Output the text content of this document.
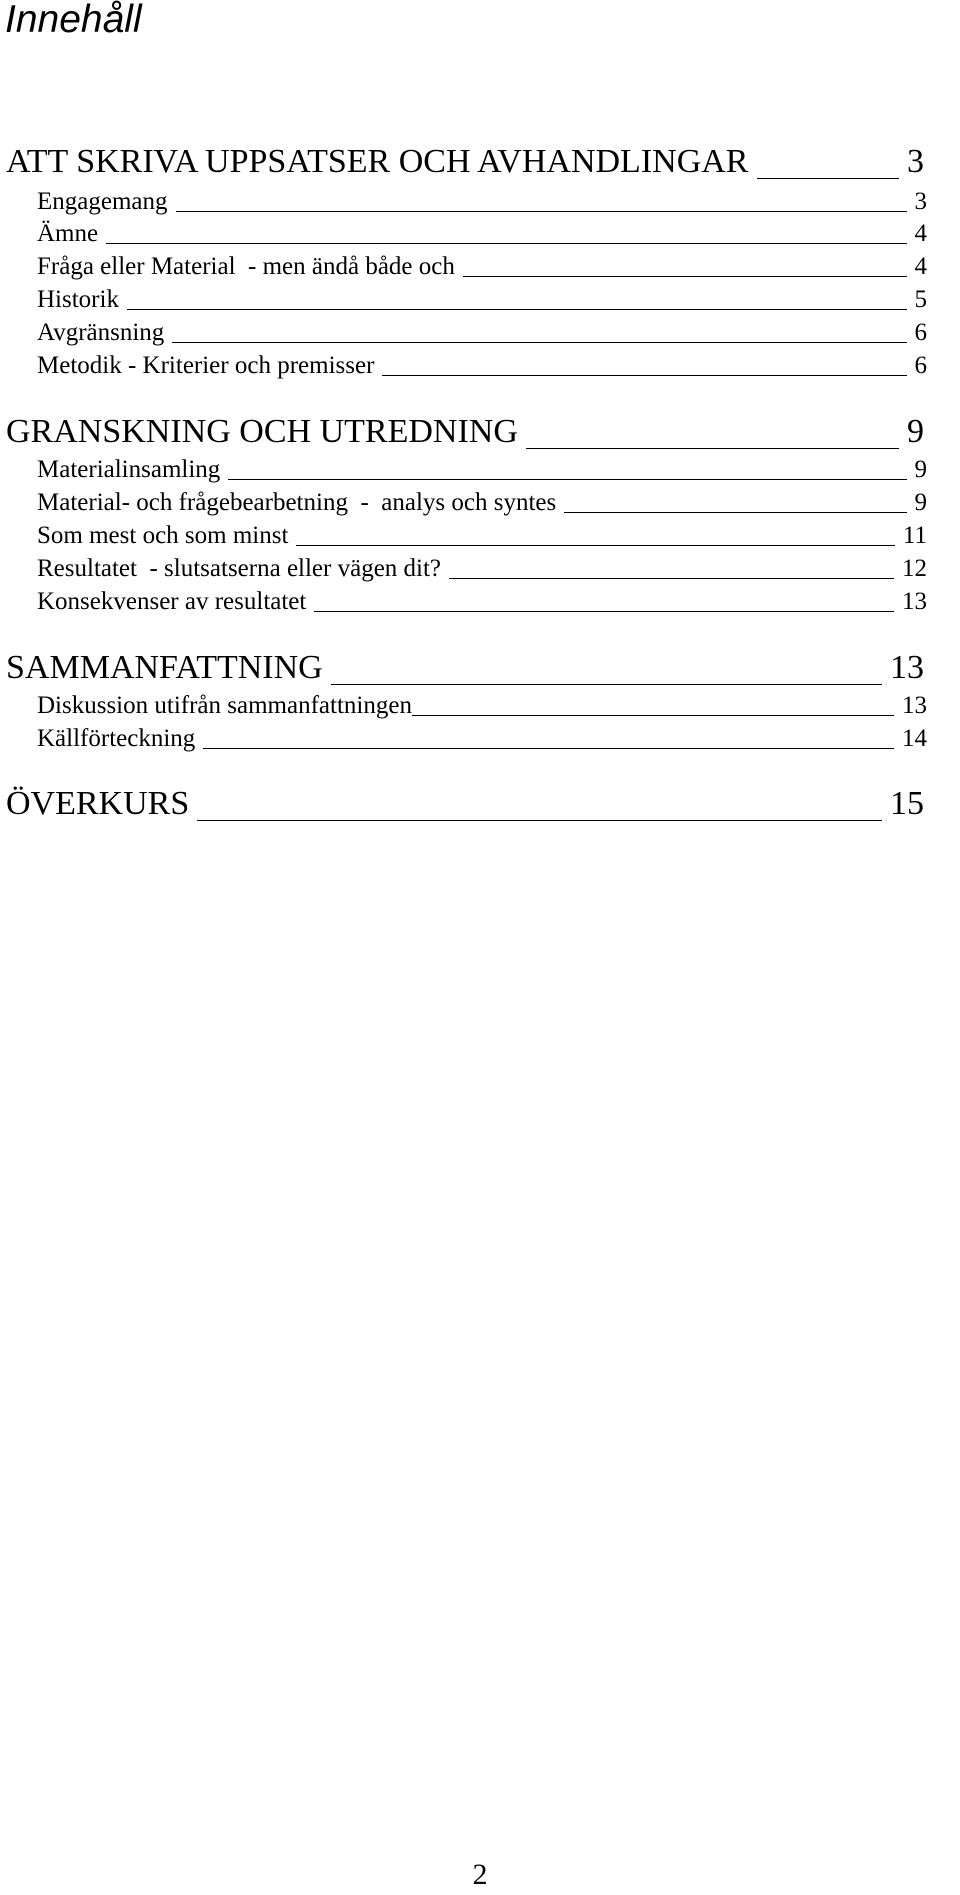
Innehåll
ATT SKRIVA UPPSATSER OCH AVHANDLINGAR	3
Engagemang	3
Ämne	4
Fråga eller Material  - men ändå både och	4
Historik	5
Avgränsning	6
Metodik - Kriterier och premisser	6
GRANSKNING OCH UTREDNING	9
Materialinsamling	9
Material- och frågebearbetning  -  analys och syntes	9
Som mest och som minst	11
Resultatet  - slutsatserna eller vägen dit?	12
Konsekvenser av resultatet	13
SAMMANFATTNING	13
Diskussion utifrån sammanfattningen	13
Källförteckning	14
ÖVERKURS	15
2
